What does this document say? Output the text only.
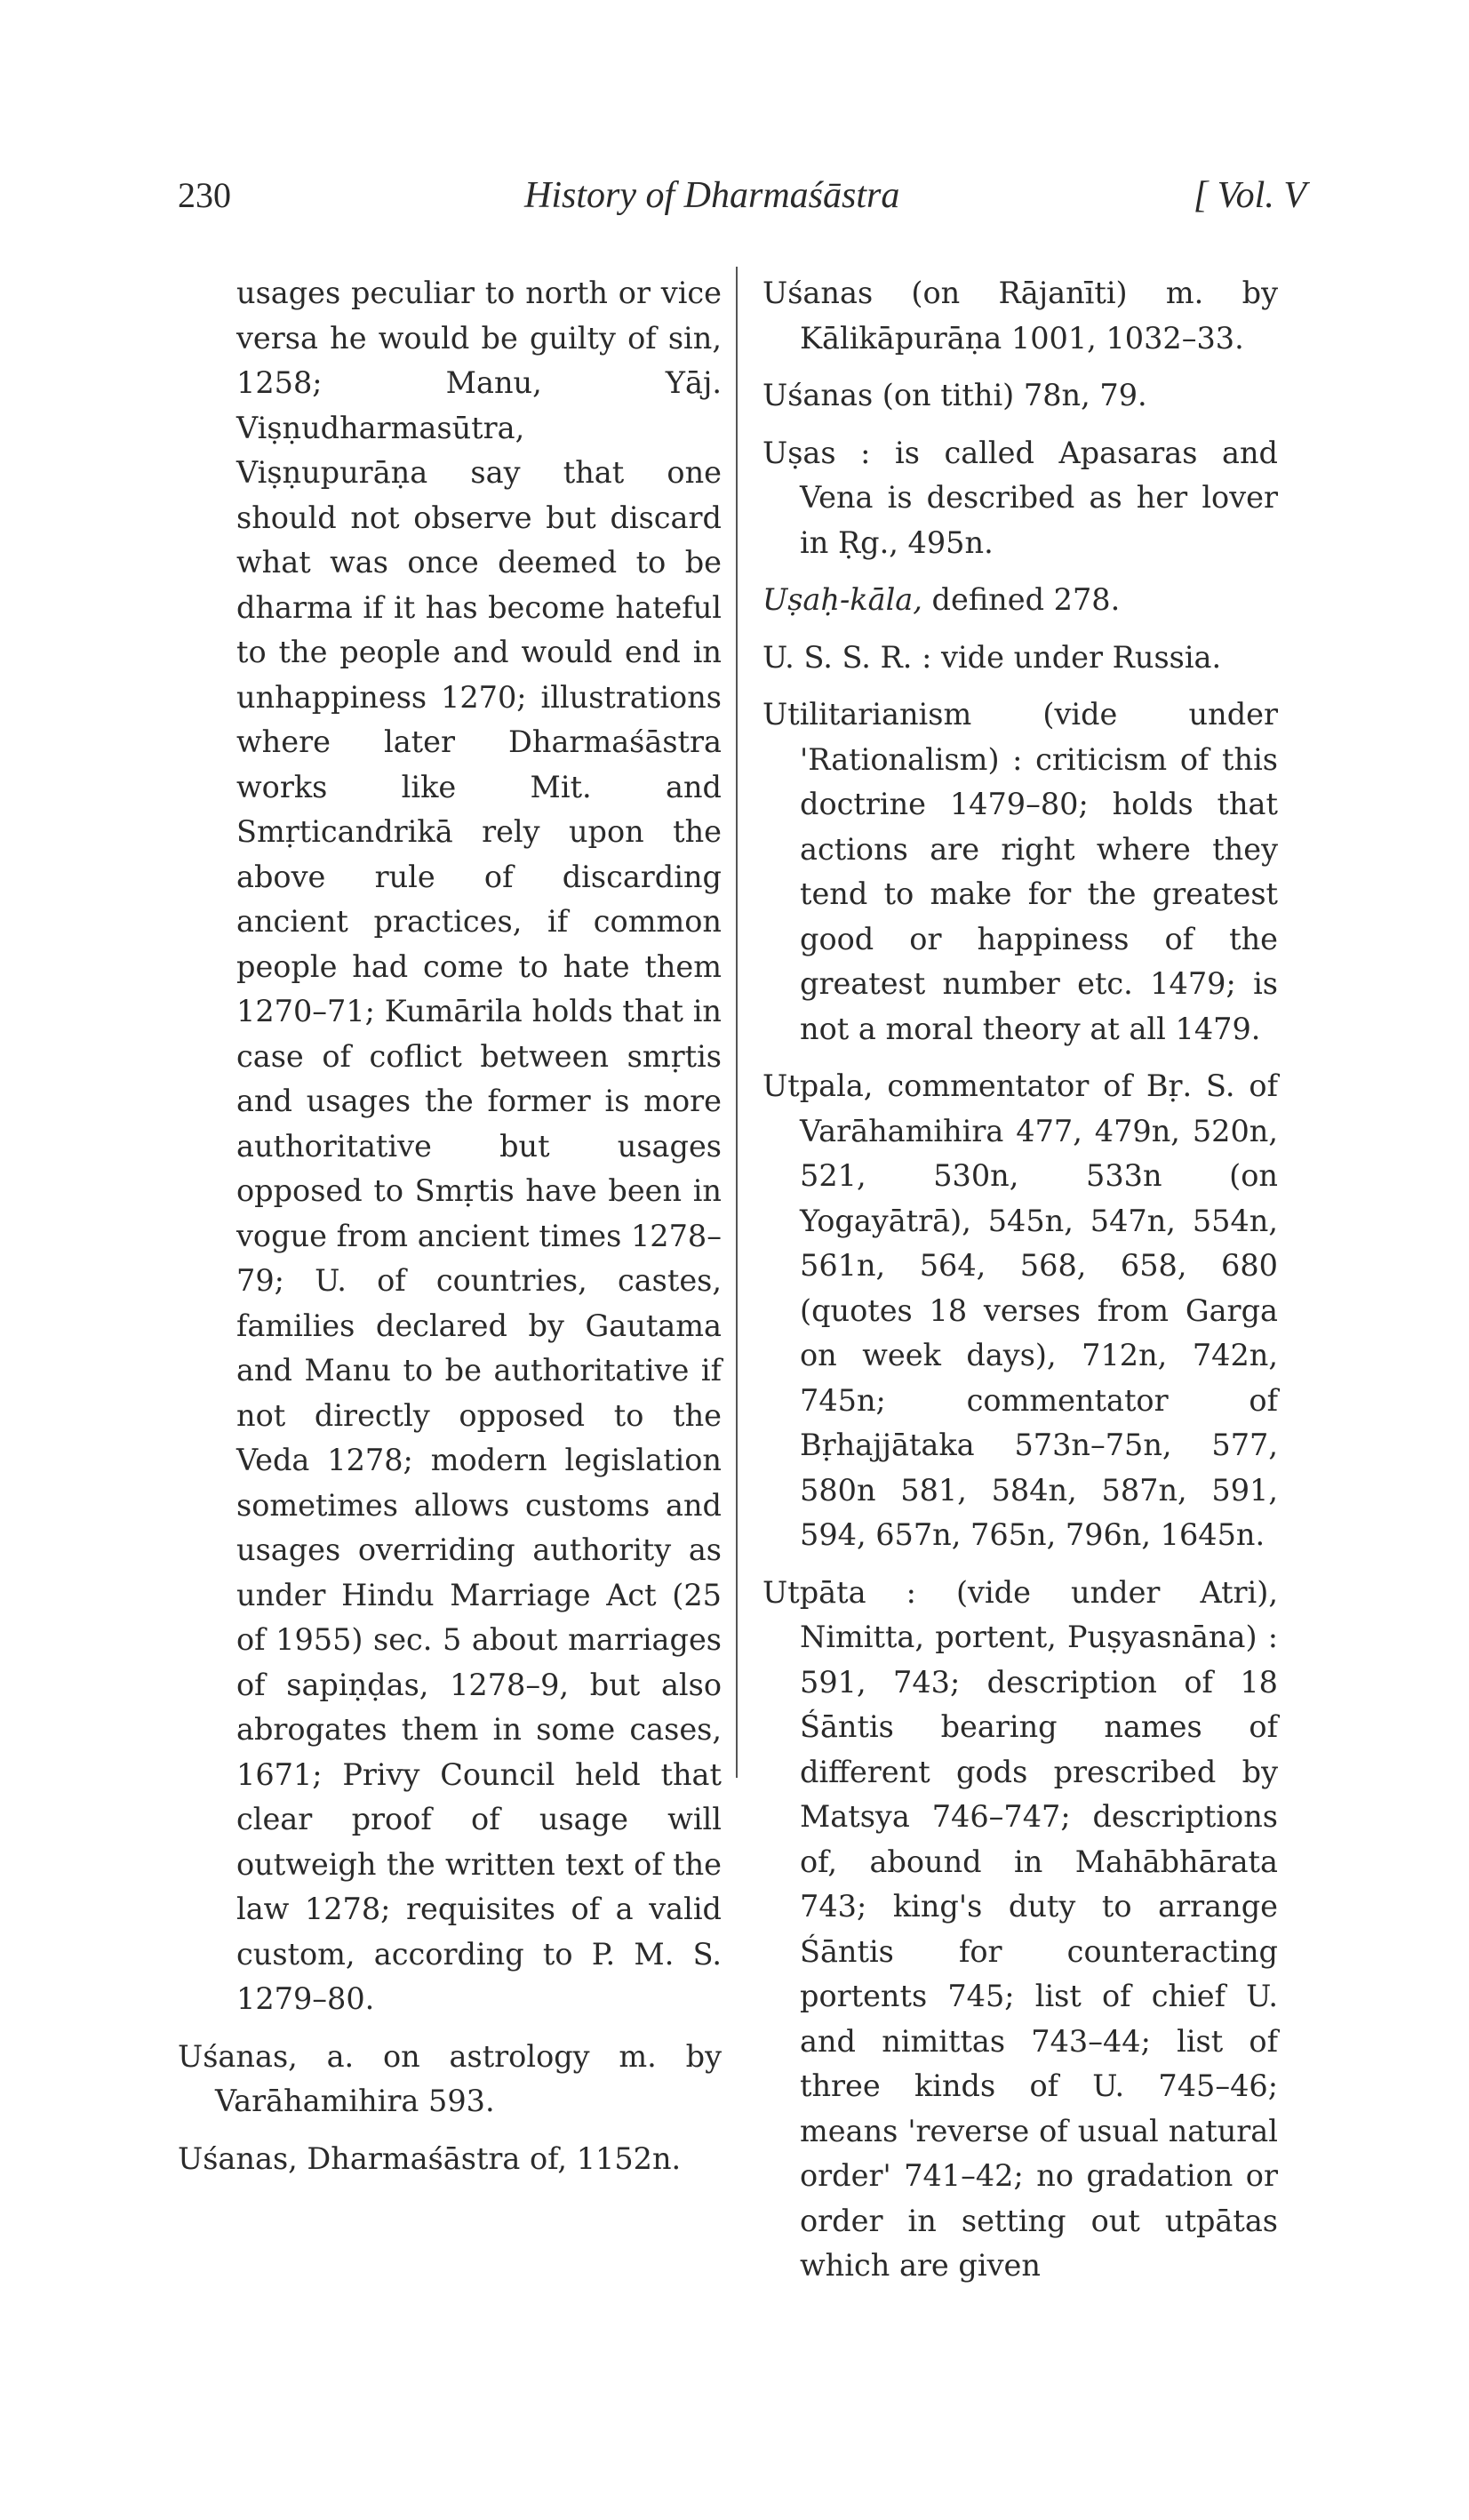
230	History of Dharmaśāstra	[ Vol. V

usages peculiar to north or vice versa he would be guilty of sin, 1258; Manu, Yāj. Viṣṇudharmasūtra, Viṣṇupurāṇa say that one should not observe but discard what was once deemed to be dharma if it has become hateful to the people and would end in unhappiness 1270; illustrations where later Dharmaśāstra works like Mit. and Smṛticandrikā rely upon the above rule of discarding ancient practices, if common people had come to hate them 1270–71; Kumārila holds that in case of coflict between smṛtis and usages the former is more authoritative but usages opposed to Smṛtis have been in vogue from ancient times 1278–79; U. of countries, castes, families declared by Gautama and Manu to be authoritative if not directly opposed to the Veda 1278; modern legislation sometimes allows customs and usages overriding authority as under Hindu Marriage Act (25 of 1955) sec. 5 about marriages of sapiṇḍas, 1278–9, but also abrogates them in some cases, 1671; Privy Council held that clear proof of usage will outweigh the written text of the law 1278; requisites of a valid custom, according to P. M. S. 1279–80.

Uśanas, a. on astrology m. by Varāhamihira 593.

Uśanas, Dharmaśāstra of, 1152n.

Uśanas (on Rājanīti) m. by Kālikāpurāṇa 1001, 1032–33.

Uśanas (on tithi) 78n, 79.

Uṣas : is called Apasaras and Vena is described as her lover in Ṛg., 495n.

Uṣaḥ-kāla, defined 278.

U. S. S. R. : vide under Russia.

Utilitarianism (vide under 'Rationalism) : criticism of this doctrine 1479–80; holds that actions are right where they tend to make for the greatest good or happiness of the greatest number etc. 1479; is not a moral theory at all 1479.

Utpala, commentator of Bṛ. S. of Varāhamihira 477, 479n, 520n, 521, 530n, 533n (on Yogayātrā), 545n, 547n, 554n, 561n, 564, 568, 658, 680 (quotes 18 verses from Garga on week days), 712n, 742n, 745n; commentator of Bṛhajjātaka 573n–75n, 577, 580n 581, 584n, 587n, 591, 594, 657n, 765n, 796n, 1645n.

Utpāta : (vide under Atri), Nimitta, portent, Puṣyasnāna) : 591, 743; description of 18 Śāntis bearing names of different gods prescribed by Matsya 746–747; descriptions of, abound in Mahābhārata 743; king's duty to arrange Śāntis for counteracting portents 745; list of chief U. and nimittas 743–44; list of three kinds of U. 745–46; means 'reverse of usual natural order' 741–42; no gradation or order in setting out utpātas which are given
